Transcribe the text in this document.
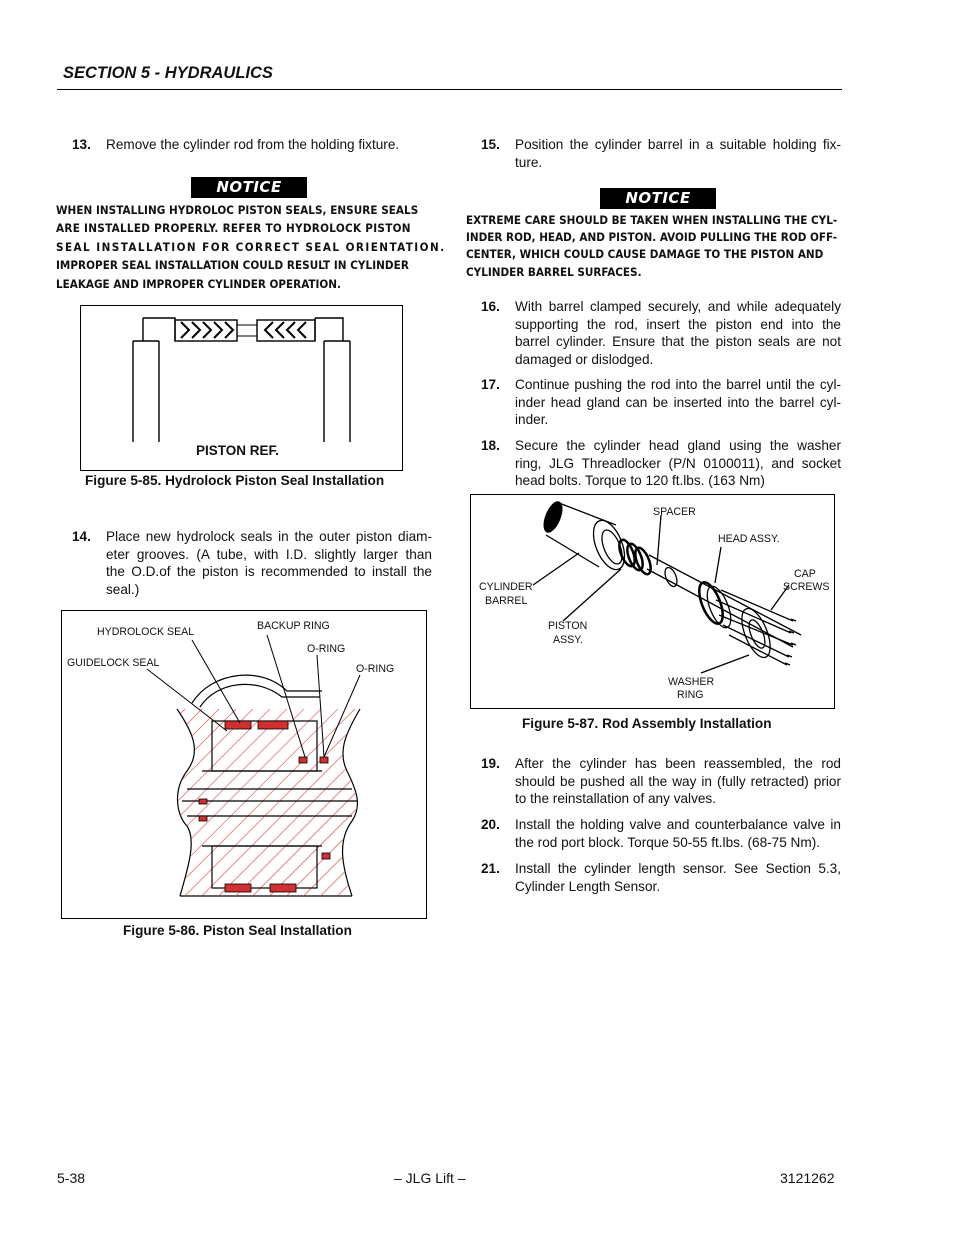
SECTION 5 - HYDRAULICS
13. Remove the cylinder rod from the holding fixture.
NOTICE
WHEN INSTALLING HYDROLOC PISTON SEALS, ENSURE SEALS
ARE INSTALLED PROPERLY. REFER TO HYDROLOCK PISTON
SEAL INSTALLATION FOR CORRECT SEAL ORIENTATION.
IMPROPER SEAL INSTALLATION COULD RESULT IN CYLINDER
LEAKAGE AND IMPROPER CYLINDER OPERATION.
PISTON REF.
Figure 5-85. Hydrolock Piston Seal Installation
14. Place new hydrolock seals in the outer piston diam-
eter grooves. (A tube, with I.D. slightly larger than
the O.D.of the piston is recommended to install the
seal.)
HYDROLOCK SEAL	BACKUP RING
O-RING
GUIDELOCK SEAL	O-RING
Figure 5-86. Piston Seal Installation
15. Position the cylinder barrel in a suitable holding fix-
ture.
NOTICE
EXTREME CARE SHOULD BE TAKEN WHEN INSTALLING THE CYL-
INDER ROD, HEAD, AND PISTON. AVOID PULLING THE ROD OFF-
CENTER, WHICH COULD CAUSE DAMAGE TO THE PISTON AND
CYLINDER BARREL SURFACES.
16. With barrel clamped securely, and while adequately
supporting the rod, insert the piston end into the
barrel cylinder. Ensure that the piston seals are not
damaged or dislodged.
17. Continue pushing the rod into the barrel until the cyl-
inder head gland can be inserted into the barrel cyl-
inder.
18. Secure the cylinder head gland using the washer
ring, JLG Threadlocker (P/N 0100011), and socket
head bolts. Torque to 120 ft.lbs. (163 Nm)
SPACER
HEAD ASSY.
CAP
SCREWS
CYLINDER
BARREL
PISTON
ASSY.
WASHER
RING
Figure 5-87. Rod Assembly Installation
19. After the cylinder has been reassembled, the rod
should be pushed all the way in (fully retracted) prior
to the reinstallation of any valves.
20. Install the holding valve and counterbalance valve in
the rod port block. Torque 50-55 ft.lbs. (68-75 Nm).
21. Install the cylinder length sensor. See Section 5.3,
Cylinder Length Sensor.
5-38	– JLG Lift –	3121262
